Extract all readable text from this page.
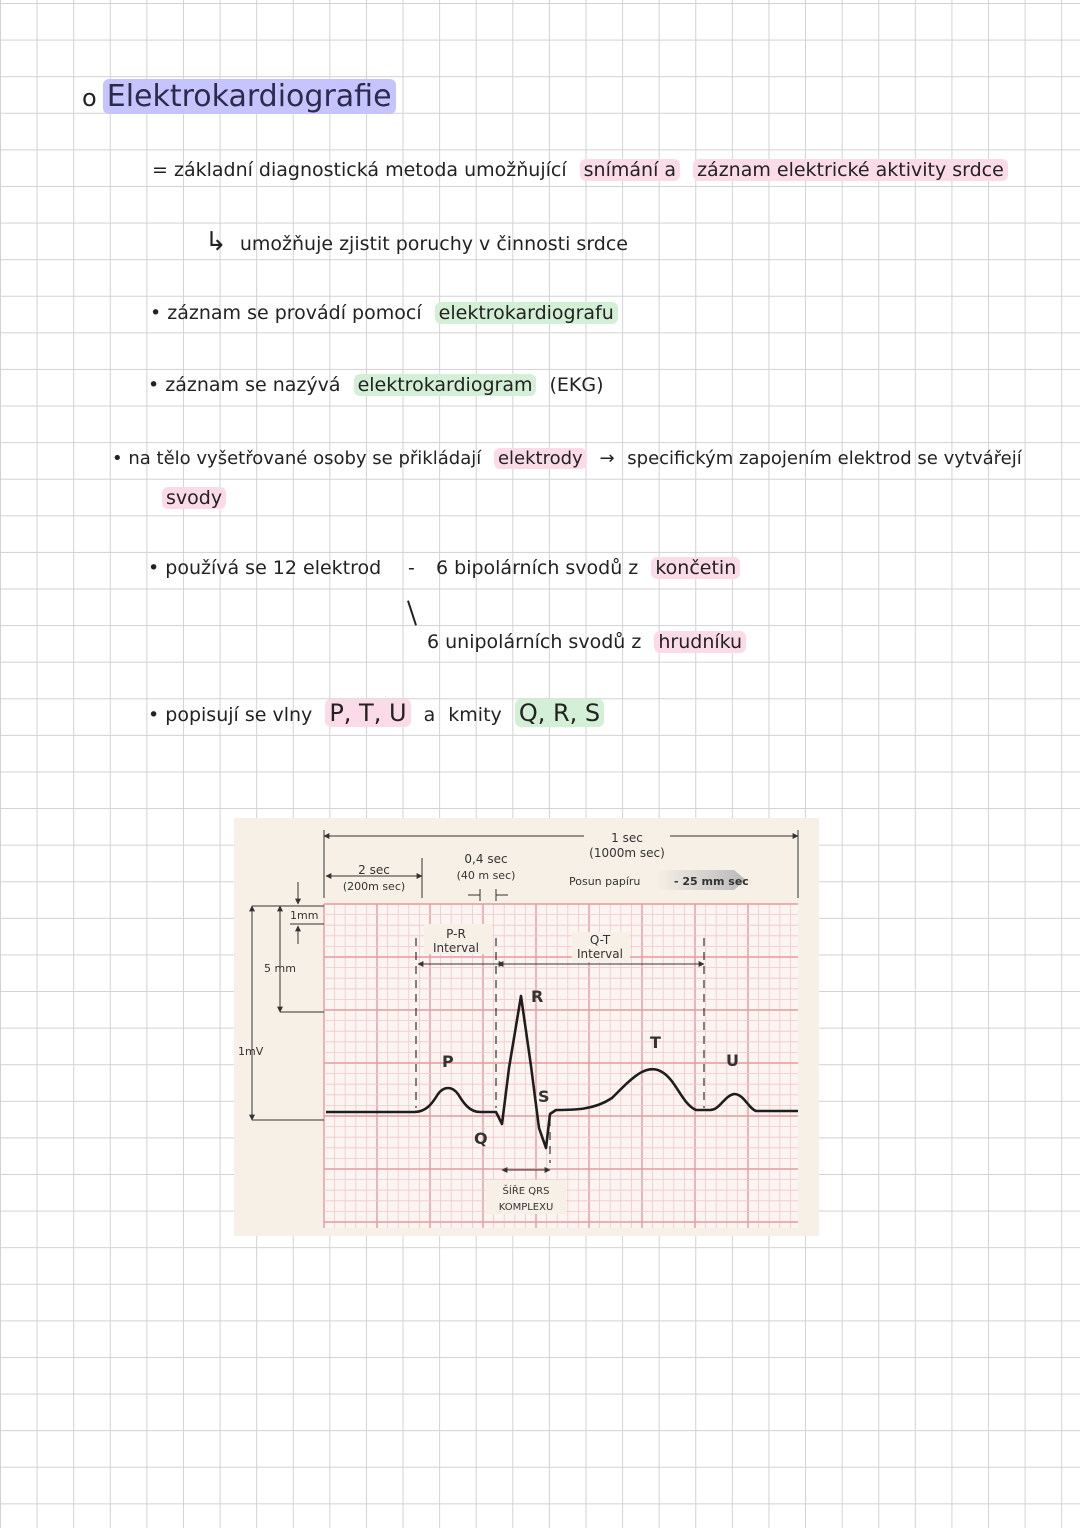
o Elektrokardiografie
= základní diagnostická metoda umožňující snímání a záznam elektrické aktivity srdce
↳ umožňuje zjistit poruchy v činnosti srdce
• záznam se provádí pomocí elektrokardiografu
• záznam se nazývá elektrokardiogram (EKG)
• na tělo vyšetřované osoby se přikládají elektrody → specifickým zapojením elektrod se vytvářejí
svody
• používá se 12 elektrod - 6 bipolárních svodů z končetin
6 unipolárních svodů z hrudníku
• popisují se vlny P, T, U a kmity Q, R, S
1 sec
(1000m sec)
2 sec
(200m sec)
0,4 sec
(40 m sec)	Posun papíru	- 25 mm sec
1mV
5 mm
1mm
P-R
Interval
Q-T
Interval
P
Q
R
S
T
U
ŠÍŘE QRS
KOMPLEXU
